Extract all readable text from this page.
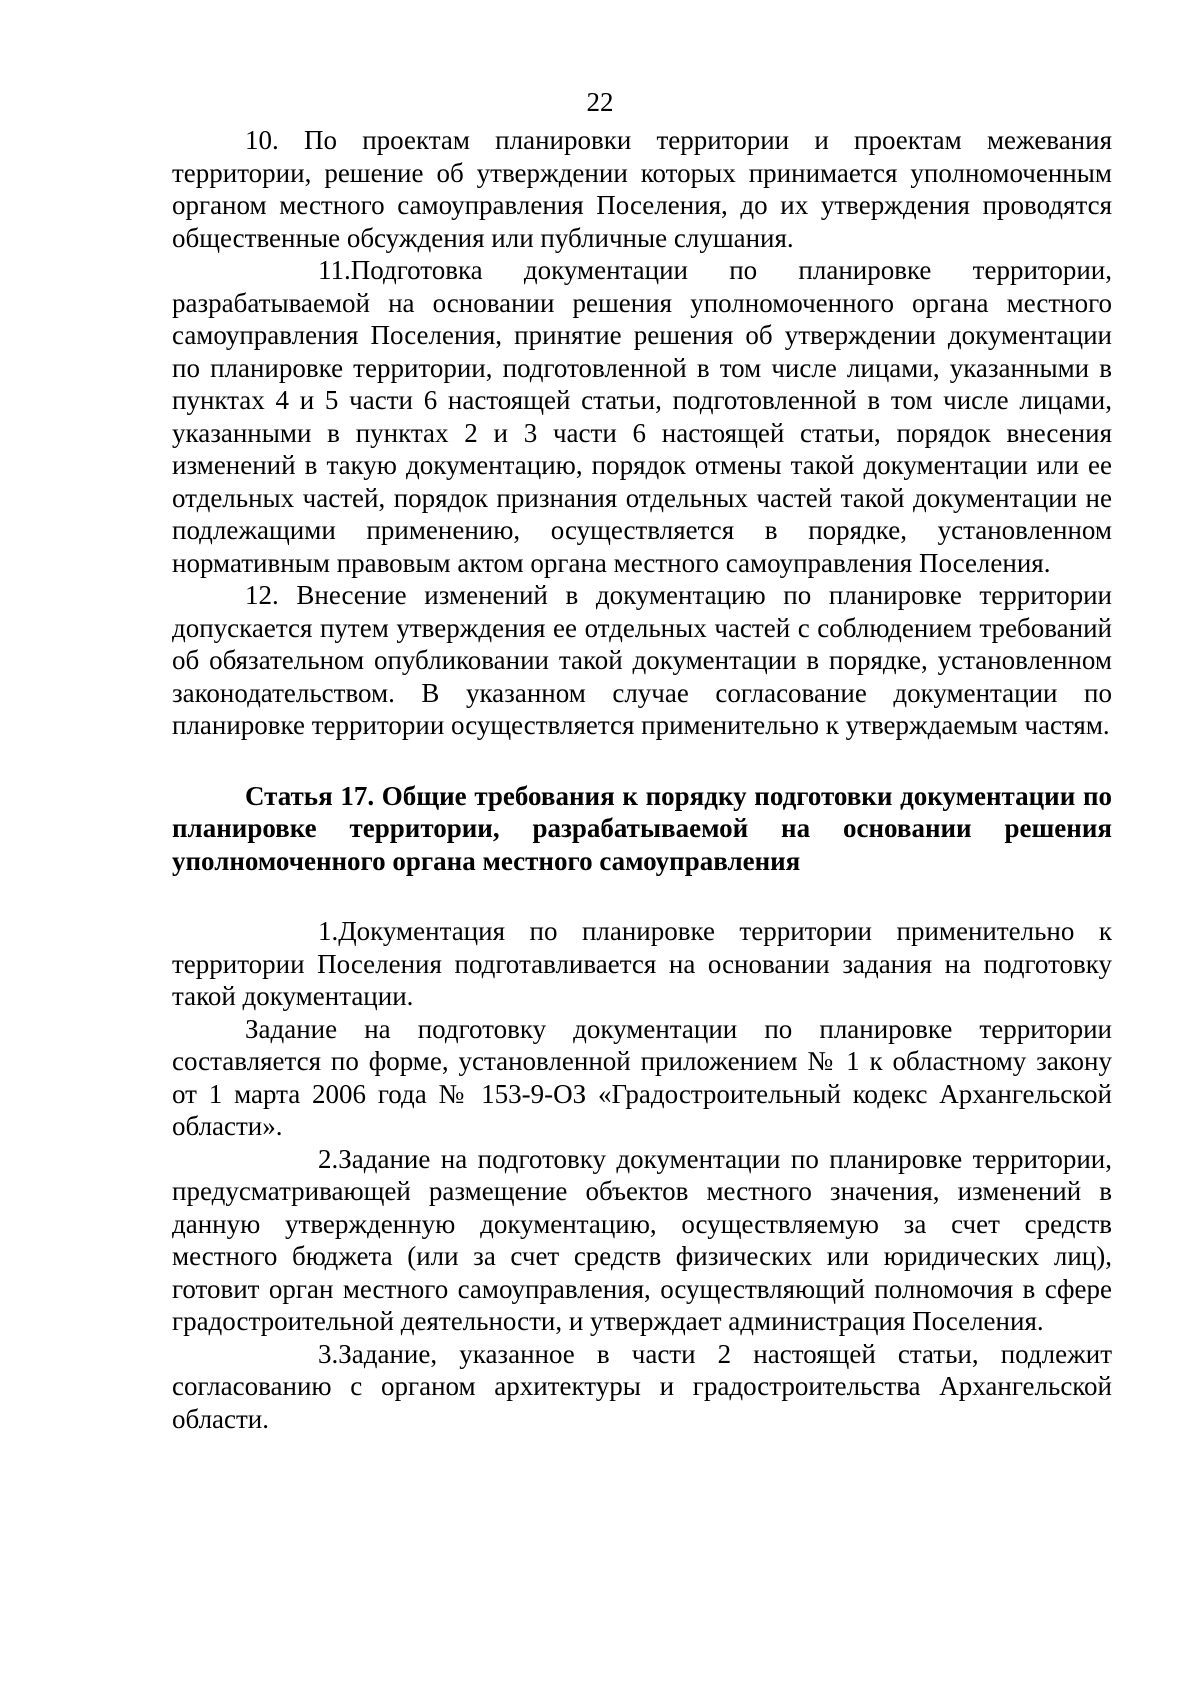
22

10. По проектам планировки территории и проектам межевания территории, решение об утверждении которых принимается уполномоченным органом местного самоуправления Поселения, до их утверждения проводятся общественные обсуждения или публичные слушания.

11.Подготовка документации по планировке территории, разрабатываемой на основании решения уполномоченного органа местного самоуправления Поселения, принятие решения об утверждении документации по планировке территории, подготовленной в том числе лицами, указанными в пунктах 4 и 5 части 6 настоящей статьи, подготовленной в том числе лицами, указанными в пунктах 2 и 3 части 6 настоящей статьи, порядок внесения изменений в такую документацию, порядок отмены такой документации или ее отдельных частей, порядок признания отдельных частей такой документации не подлежащими применению, осуществляется в порядке, установленном нормативным правовым актом органа местного самоуправления Поселения.

12. Внесение изменений в документацию по планировке территории допускается путем утверждения ее отдельных частей с соблюдением требований об обязательном опубликовании такой документации в порядке, установленном законодательством. В указанном случае согласование документации по планировке территории осуществляется применительно к утверждаемым частям.

Статья 17. Общие требования к порядку подготовки документации по планировке территории, разрабатываемой на основании решения уполномоченного органа местного самоуправления

1.Документация по планировке территории применительно к территории Поселения подготавливается на основании задания на подготовку такой документации.

Задание на подготовку документации по планировке территории составляется по форме, установленной приложением № 1 к областному закону от 1 марта 2006 года № 153-9-ОЗ «Градостроительный кодекс Архангельской области».

2.Задание на подготовку документации по планировке территории, предусматривающей размещение объектов местного значения, изменений в данную утвержденную документацию, осуществляемую за счет средств местного бюджета (или за счет средств физических или юридических лиц), готовит орган местного самоуправления, осуществляющий полномочия в сфере градостроительной деятельности, и утверждает администрация Поселения.

3.Задание, указанное в части 2 настоящей статьи, подлежит согласованию с органом архитектуры и градостроительства Архангельской области.
